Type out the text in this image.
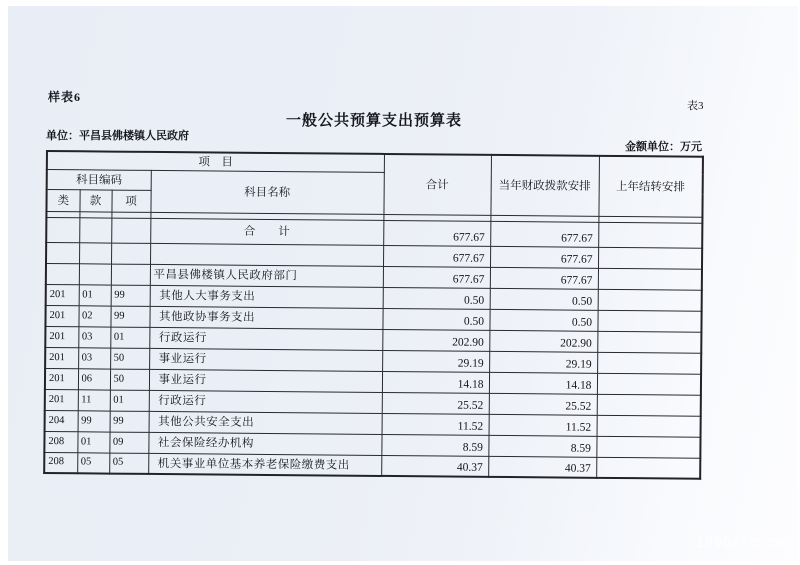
样表6
表3
一般公共预算支出预算表
单位：平昌县佛楼镇人民政府
金额单位：万元
项　目				合计	当年财政拨款安排	上年结转安排
科目编码			科目名称			
类	款	项				

			合　　计	677.67	677.67	
				677.67	677.67	
			平昌县佛楼镇人民政府部门	677.67	677.67	
201	01	99	其他人大事务支出	0.50	0.50	
201	02	99	其他政协事务支出	0.50	0.50	
201	03	01	行政运行	202.90	202.90	
201	03	50	事业运行	29.19	29.19	
201	06	50	事业运行	14.18	14.18	
201	11	01	行政运行	25.52	25.52	
204	99	99	其他公共安全支出	11.52	11.52	
208	01	09	社会保险经办机构	8.59	8.59	
208	05	05	机关事业单位基本养老保险缴费支出	40.37	40.37	
1990etc.co
